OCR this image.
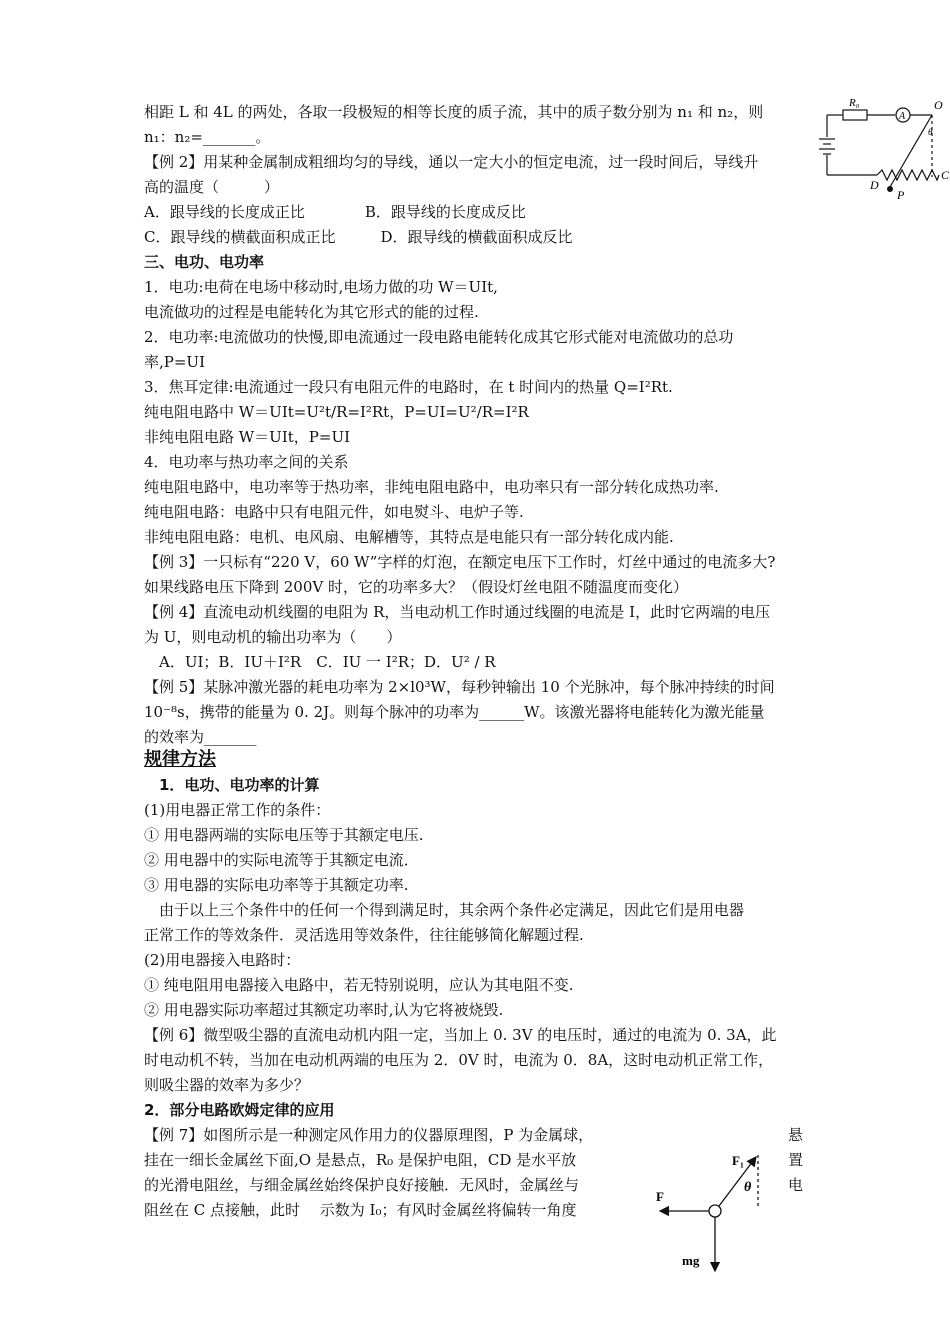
相距 L 和 4L 的两处，各取一段极短的相等长度的质子流，其中的质子数分别为 n₁ 和 n₂，则
n₁：n₂=_______。
【例 2】用某种金属制成粗细均匀的导线，通以一定大小的恒定电流，过一段时间后，导线升
高的温度（　　　）
A．跟导线的长度成正比　　　　B．跟导线的长度成反比
C．跟导线的横截面积成正比　　　D．跟导线的横截面积成反比
三、电功、电功率
1．电功:电荷在电场中移动时,电场力做的功 W＝UIt,
电流做功的过程是电能转化为其它形式的能的过程.
2．电功率:电流做功的快慢,即电流通过一段电路电能转化成其它形式能对电流做功的总功
率,P=UI
3．焦耳定律:电流通过一段只有电阻元件的电路时，在 t 时间内的热量 Q=I²Rt.
纯电阻电路中 W＝UIt=U²t/R=I²Rt，P=UI=U²/R=I²R
非纯电阻电路 W＝UIt，P=UI
4．电功率与热功率之间的关系
纯电阻电路中，电功率等于热功率，非纯电阻电路中，电功率只有一部分转化成热功率.
纯电阻电路：电路中只有电阻元件，如电熨斗、电炉子等.
非纯电阻电路：电机、电风扇、电解槽等，其特点是电能只有一部分转化成内能.
【例 3】一只标有“220 V，60 W”字样的灯泡，在额定电压下工作时，灯丝中通过的电流多大?
如果线路电压下降到 200V 时，它的功率多大？（假设灯丝电阻不随温度而变化）
【例 4】直流电动机线圈的电阻为 R，当电动机工作时通过线圈的电流是 I，此时它两端的电压
为 U，则电动机的输出功率为（　　）
　A．UI；B．IU＋I²R　C．IU 一 I²R；D．U² / R
【例 5】某脉冲激光器的耗电功率为 2×l0³W，每秒钟输出 10 个光脉冲，每个脉冲持续的时间
10⁻⁸s，携带的能量为 0. 2J。则每个脉冲的功率为______W。该激光器将电能转化为激光能量
的效率为_______
规律方法
　1．电功、电功率的计算
(1)用电器正常工作的条件：
① 用电器两端的实际电压等于其额定电压.
② 用电器中的实际电流等于其额定电流．
③ 用电器的实际电功率等于其额定功率.
　由于以上三个条件中的任何一个得到满足时，其余两个条件必定满足，因此它们是用电器
正常工作的等效条件．灵活选用等效条件，往往能够简化解题过程.
(2)用电器接入电路时：
① 纯电阻用电器接入电路中，若无特别说明，应认为其电阻不变.
② 用电器实际功率超过其额定功率时,认为它将被烧毁.
【例 6】微型吸尘器的直流电动机内阻一定，当加上 0. 3V 的电压时，通过的电流为 0. 3A，此
时电动机不转，当加在电动机两端的电压为 2．0V 时，电流为 0．8A，这时电动机正常工作，
则吸尘器的效率为多少？
2．部分电路欧姆定律的应用
【例 7】如图所示是一种测定风作用力的仪器原理图，P 为金属球，
挂在一细长金属丝下面,O 是悬点，R₀ 是保护电阻，CD 是水平放
的光滑电阻丝，与细金属丝始终保护良好接触．无风时，金属丝与
阻丝在 C 点接触，此时　 示数为 I₀；有风时金属丝将偏转一角度
悬
置
电
R₀
A
O
θ
C
D
P
F₁
θ
F
mg
